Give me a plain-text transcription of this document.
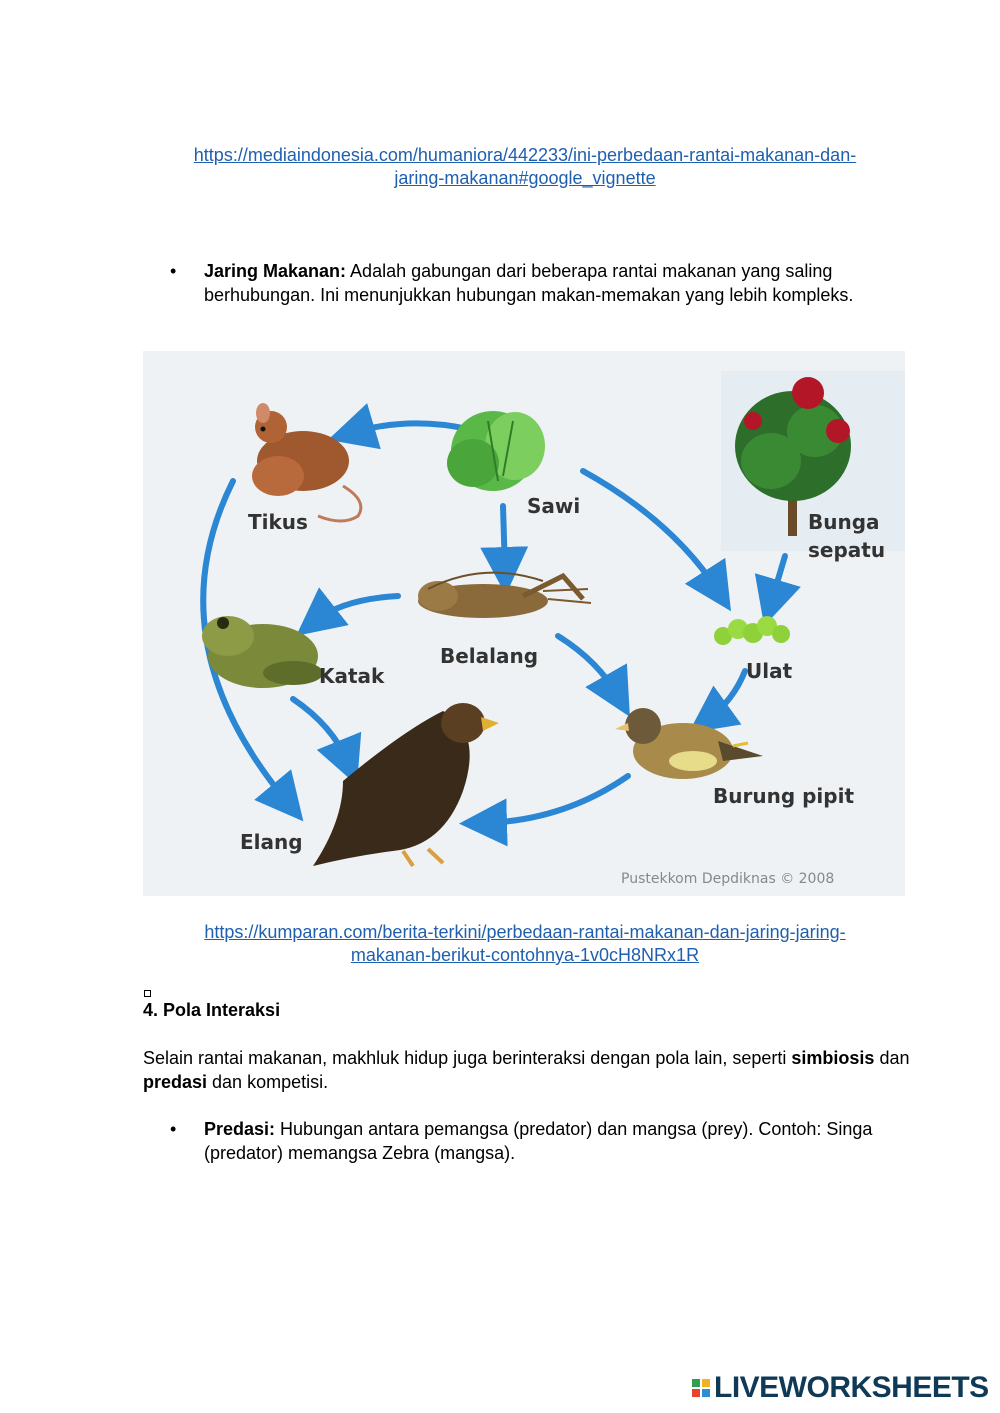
https://mediaindonesia.com/humaniora/442233/ini-perbedaan-rantai-makanan-dan-
jaring-makanan#google_vignette
• Jaring Makanan: Adalah gabungan dari beberapa rantai makanan yang saling berhubungan. Ini menunjukkan hubungan makan-memakan yang lebih kompleks.
Tikus
Sawi
Bunga
sepatu
Katak
Belalang
Ulat
Burung pipit
Elang
Pustekkom Depdiknas © 2008
https://kumparan.com/berita-terkini/perbedaan-rantai-makanan-dan-jaring-jaring-
makanan-berikut-contohnya-1v0cH8NRx1R
4. Pola Interaksi
Selain rantai makanan, makhluk hidup juga berinteraksi dengan pola lain, seperti simbiosis dan predasi dan kompetisi.
• Predasi: Hubungan antara pemangsa (predator) dan mangsa (prey). Contoh: Singa (predator) memangsa Zebra (mangsa).
LIVEWORKSHEETS
